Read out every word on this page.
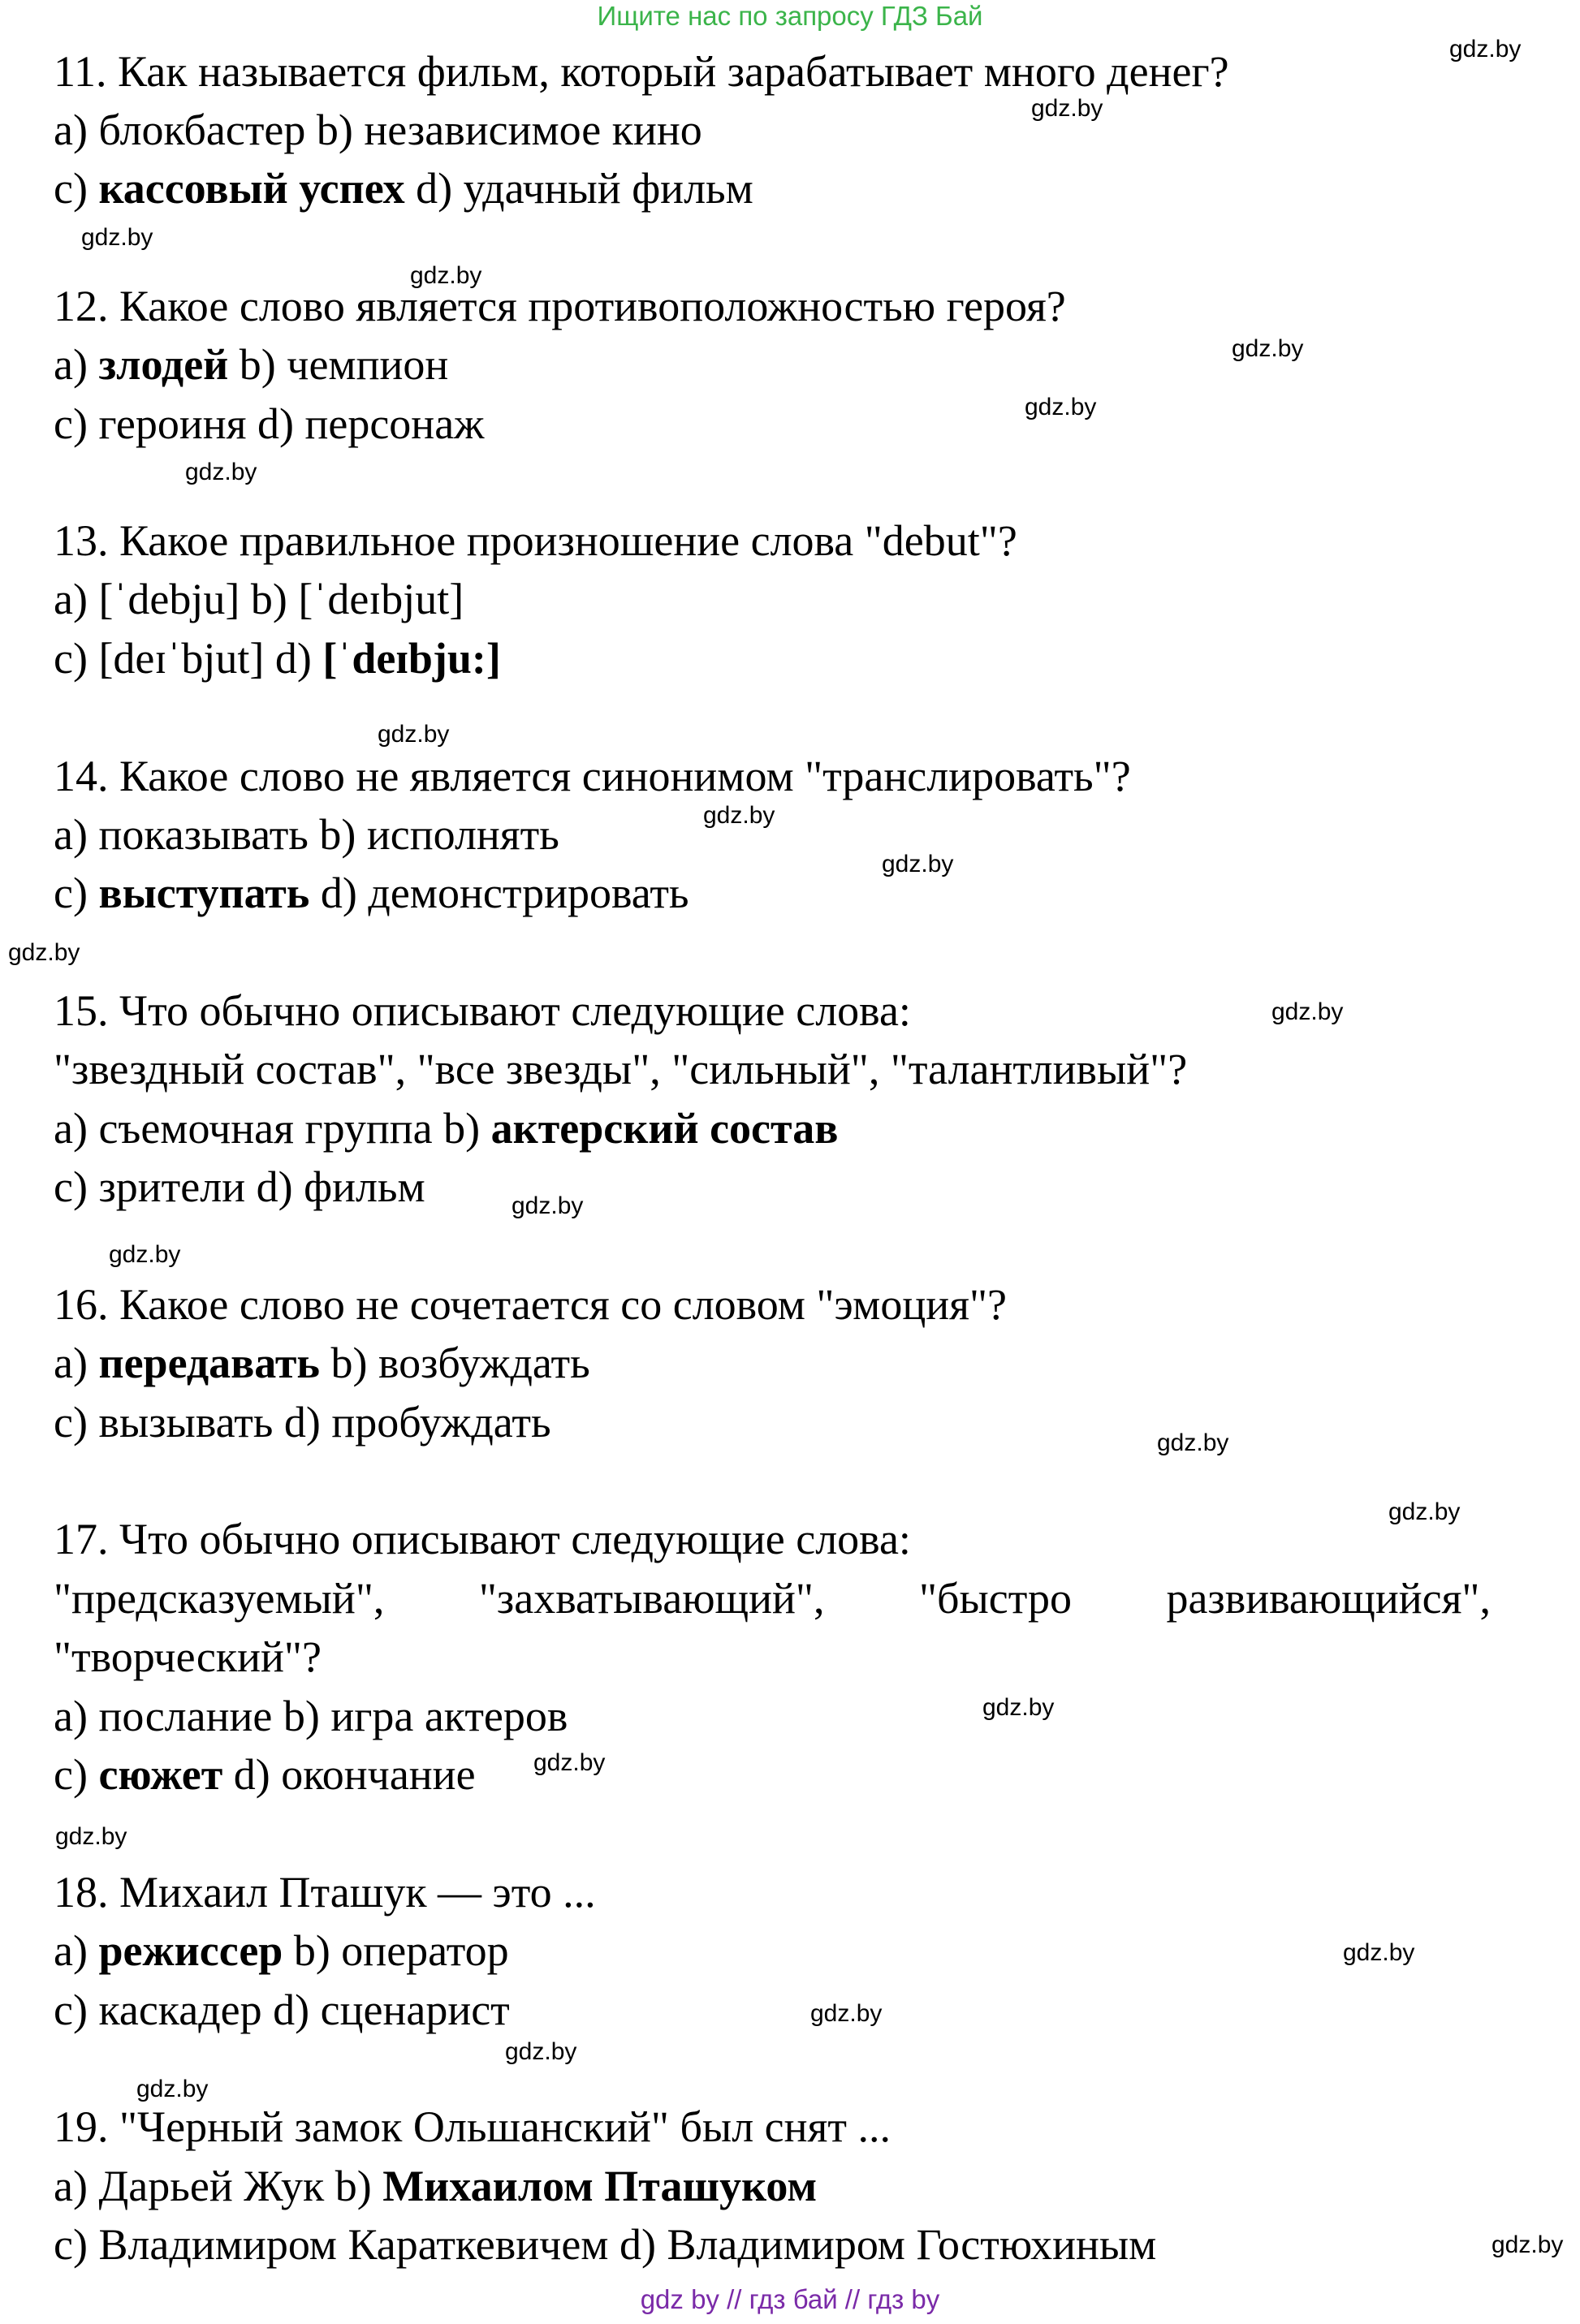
Ищите нас по запросу ГДЗ Бай

11. Как называется фильм, который зарабатывает много денег?

a) блокбастер b) независимое кино

c) кассовый успех d) удачный фильм

12. Какое слово является противоположностью героя?

a) злодей b) чемпион

c) героиня d) персонаж

13. Какое правильное произношение слова "debut"?

a) [ˈdebju] b) [ˈdeɪbjut]

c) [deɪˈbjut] d) [ˈdeɪbju:]

14. Какое слово не является синонимом "транслировать"?

a) показывать b) исполнять

c) выступать d) демонстрировать

15. Что обычно описывают следующие слова:

"звездный состав", "все звезды", "сильный", "талантливый"?

a) съемочная группа b) актерский состав

c) зрители d) фильм

16. Какое слово не сочетается со словом "эмоция"?

a) передавать b) возбуждать

c) вызывать d) пробуждать

17. Что обычно описывают следующие слова:

"предсказуемый", "захватывающий", "быстро развивающийся",

"творческий"?

a) послание b) игра актеров

c) сюжет d) окончание

18. Михаил Пташук — это ...

a) режиссер b) оператор

c) каскадер d) сценарист

19. "Черный замок Ольшанский" был снят ...

a) Дарьей Жук b) Михаилом Пташуком

c) Владимиром Караткевичем d) Владимиром Гостюхиным

gdz.by
gdz.by
gdz.by
gdz.by
gdz.by
gdz.by
gdz.by
gdz.by
gdz.by
gdz.by
gdz.by
gdz.by
gdz.by
gdz.by
gdz.by
gdz.by
gdz.by
gdz.by
gdz.by
gdz.by
gdz.by
gdz.by
gdz.by
gdz.by
gdz by // гдз бай // гдз by
